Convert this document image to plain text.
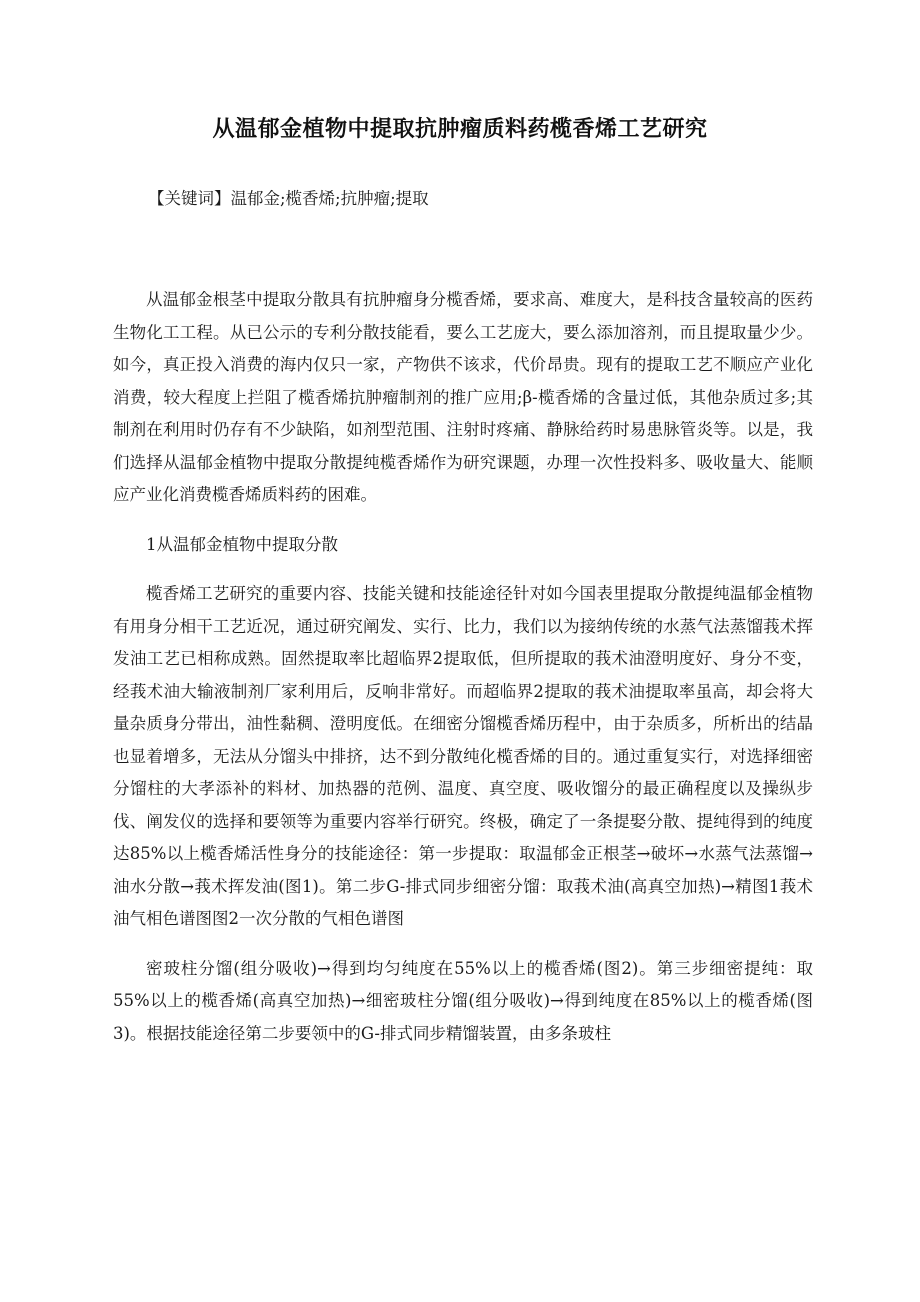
从温郁金植物中提取抗肿瘤质料药榄香烯工艺研究
【关键词】温郁金;榄香烯;抗肿瘤;提取

从温郁金根茎中提取分散具有抗肿瘤身分榄香烯，要求高、难度大，是科技含量较高的医药生物化工工程。从已公示的专利分散技能看，要么工艺庞大，要么添加溶剂，而且提取量少少。如今，真正投入消费的海内仅只一家，产物供不该求，代价昂贵。现有的提取工艺不顺应产业化消费，较大程度上拦阻了榄香烯抗肿瘤制剂的推广应用;β-榄香烯的含量过低，其他杂质过多;其制剂在利用时仍存有不少缺陷，如剂型范围、注射时疼痛、静脉给药时易患脉管炎等。以是，我们选择从温郁金植物中提取分散提纯榄香烯作为研究课题，办理一次性投料多、吸收量大、能顺应产业化消费榄香烯质料药的困难。

1从温郁金植物中提取分散

榄香烯工艺研究的重要内容、技能关键和技能途径针对如今国表里提取分散提纯温郁金植物有用身分相干工艺近况，通过研究阐发、实行、比力，我们以为接纳传统的水蒸气法蒸馏莪术挥发油工艺已相称成熟。固然提取率比超临界2提取低，但所提取的莪术油澄明度好、身分不变，经莪术油大输液制剂厂家利用后，反响非常好。而超临界2提取的莪术油提取率虽高，却会将大量杂质身分带出，油性黏稠、澄明度低。在细密分馏榄香烯历程中，由于杂质多，所析出的结晶也显着增多，无法从分馏头中排挤，达不到分散纯化榄香烯的目的。通过重复实行，对选择细密分馏柱的大孝添补的料材、加热器的范例、温度、真空度、吸收馏分的最正确程度以及操纵步伐、阐发仪的选择和要领等为重要内容举行研究。终极，确定了一条提娶分散、提纯得到的纯度达85%以上榄香烯活性身分的技能途径：第一步提取：取温郁金正根茎→破坏→水蒸气法蒸馏→油水分散→莪术挥发油(图1)。第二步G-排式同步细密分馏：取莪术油(高真空加热)→精图1莪术油气相色谱图图2一次分散的气相色谱图

密玻柱分馏(组分吸收)→得到均匀纯度在55%以上的榄香烯(图2)。第三步细密提纯：取55%以上的榄香烯(高真空加热)→细密玻柱分馏(组分吸收)→得到纯度在85%以上的榄香烯(图3)。根据技能途径第二步要领中的G-排式同步精馏装置，由多条玻柱
